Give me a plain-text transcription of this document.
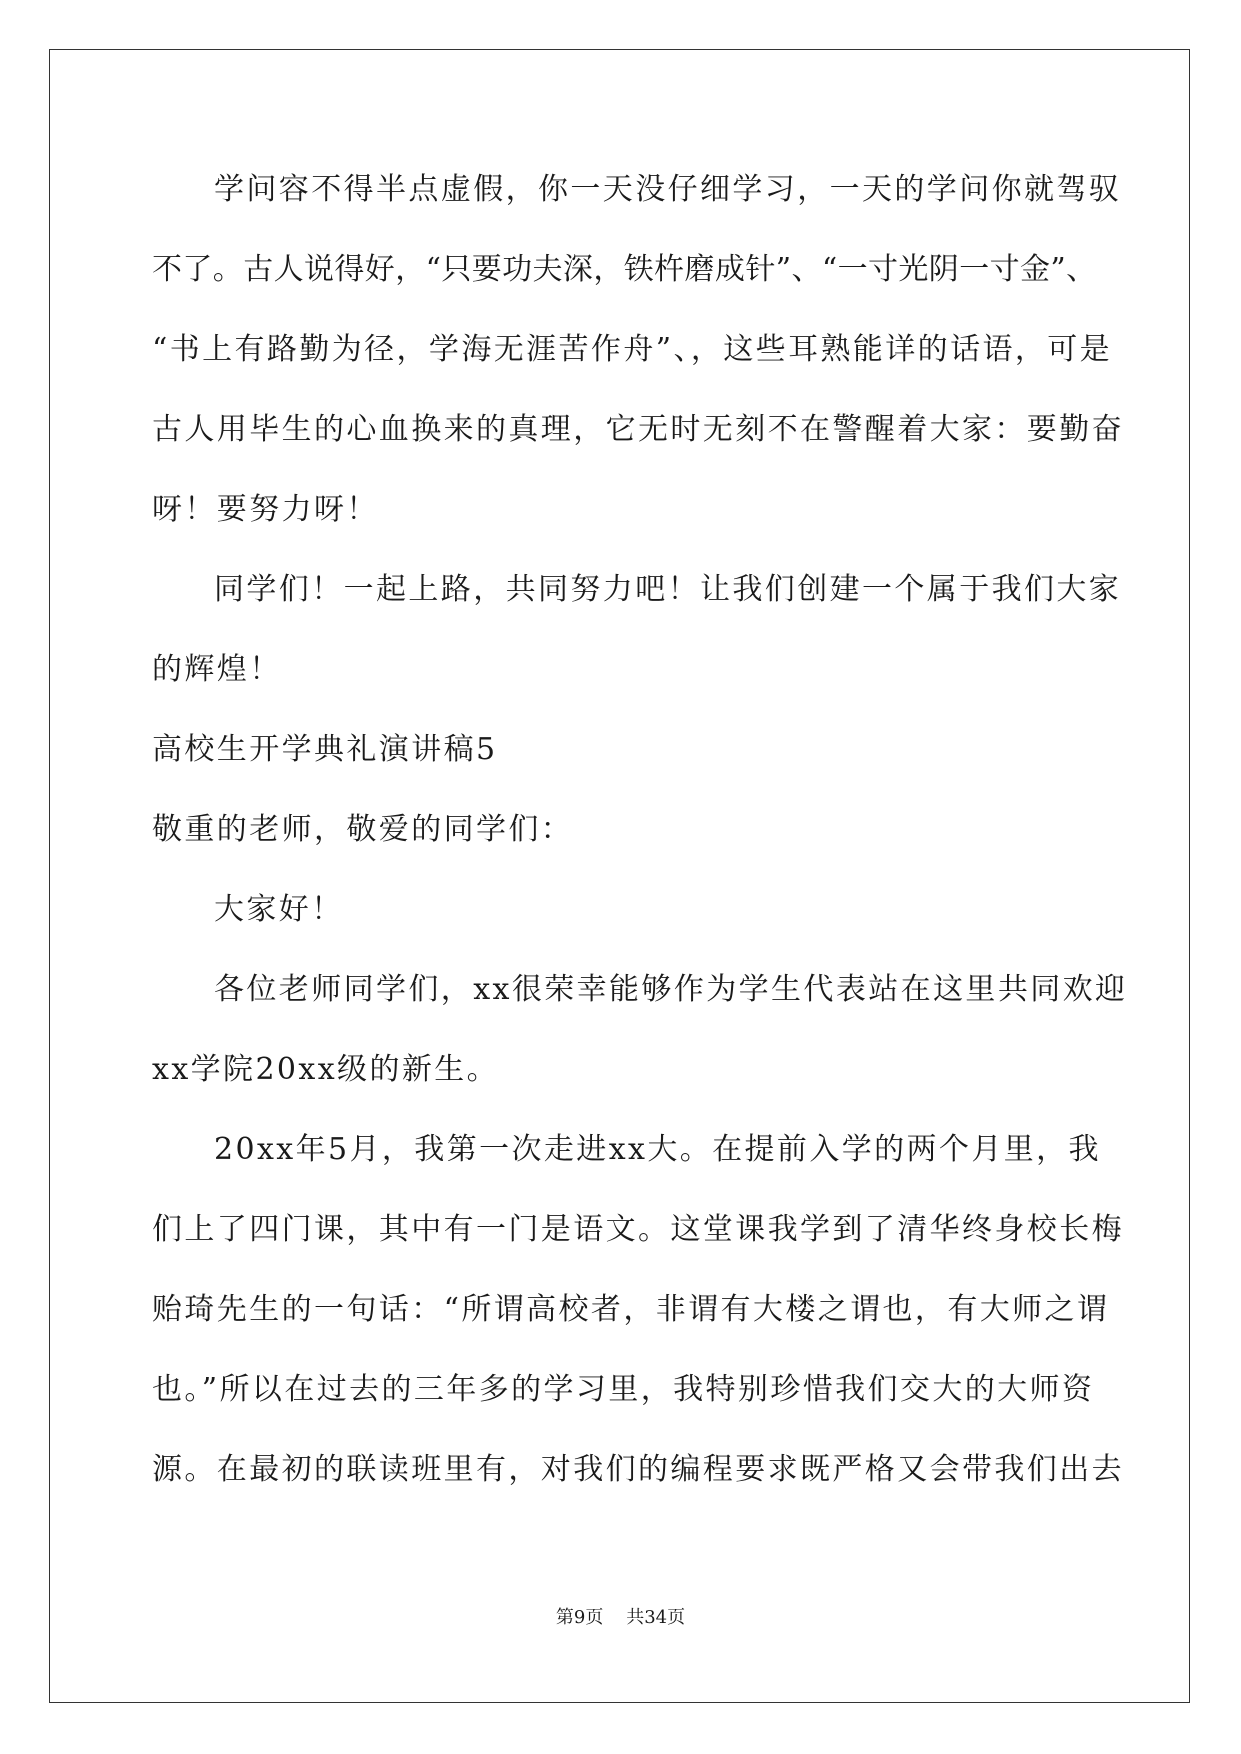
学问容不得半点虚假，你一天没仔细学习，一天的学问你就驾驭
不了。古人说得好，“只要功夫深，铁杵磨成针”、“一寸光阴一寸金”、
“书上有路勤为径，学海无涯苦作舟”、，这些耳熟能详的话语，可是
古人用毕生的心血换来的真理，它无时无刻不在警醒着大家：要勤奋
呀！要努力呀！
同学们！一起上路，共同努力吧！让我们创建一个属于我们大家
的辉煌！
高校生开学典礼演讲稿5
敬重的老师，敬爱的同学们：
大家好！
各位老师同学们，xx很荣幸能够作为学生代表站在这里共同欢迎
xx学院20xx级的新生。
20xx年5月，我第一次走进xx大。在提前入学的两个月里，我
们上了四门课，其中有一门是语文。这堂课我学到了清华终身校长梅
贻琦先生的一句话：“所谓高校者，非谓有大楼之谓也，有大师之谓
也。”所以在过去的三年多的学习里，我特别珍惜我们交大的大师资
源。在最初的联读班里有，对我们的编程要求既严格又会带我们出去
第9页 共34页
